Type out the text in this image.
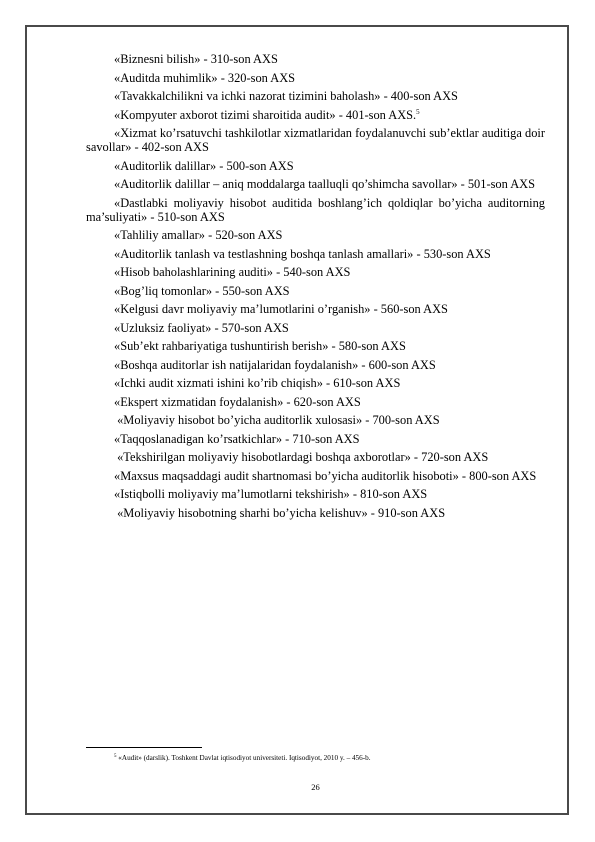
«Biznesni bilish» - 310-son AXS

«Auditda muhimlik» - 320-son AXS

«Tavakkalchilikni va ichki nazorat tizimini baholash» - 400-son AXS

«Kompyuter axborot tizimi sharoitida audit» - 401-son AXS.$^5$

«Xizmat ko’rsatuvchi tashkilotlar xizmatlaridan foydalanuvchi sub’ektlar auditiga doir savollar» - 402-son AXS

«Auditorlik dalillar» - 500-son AXS

«Auditorlik dalillar – aniq moddalarga taalluqli qo’shimcha savollar» - 501-son AXS

«Dastlabki moliyaviy hisobot auditida boshlang’ich qoldiqlar bo’yicha auditorning ma’suliyati» - 510-son AXS

«Tahliliy amallar» - 520-son AXS

«Auditorlik tanlash va testlashning boshqa tanlash amallari» - 530-son AXS

«Hisob baholashlarining auditi» - 540-son AXS

«Bog’liq tomonlar» - 550-son AXS

«Kelgusi davr moliyaviy ma’lumotlarini o’rganish» - 560-son AXS

«Uzluksiz faoliyat» - 570-son AXS

«Sub’ekt rahbariyatiga tushuntirish berish» - 580-son AXS

«Boshqa auditorlar ish natijalaridan foydalanish» - 600-son AXS

«Ichki audit xizmati ishini ko’rib chiqish» - 610-son AXS

«Ekspert xizmatidan foydalanish» - 620-son AXS

«Moliyaviy hisobot bo’yicha auditorlik xulosasi» - 700-son AXS

«Taqqoslanadigan ko’rsatkichlar» - 710-son AXS

«Tekshirilgan moliyaviy hisobotlardagi boshqa axborotlar» - 720-son AXS

«Maxsus maqsaddagi audit shartnomasi bo’yicha auditorlik hisoboti» - 800-son AXS

«Istiqbolli moliyaviy ma’lumotlarni tekshirish» - 810-son AXS

«Moliyaviy hisobotning sharhi bo’yicha kelishuv» - 910-son AXS

$^5$ «Audit» (darslik). Toshkent Davlat iqtisodiyot universiteti. Iqtisodiyot, 2010 y. – 456-b.
26
